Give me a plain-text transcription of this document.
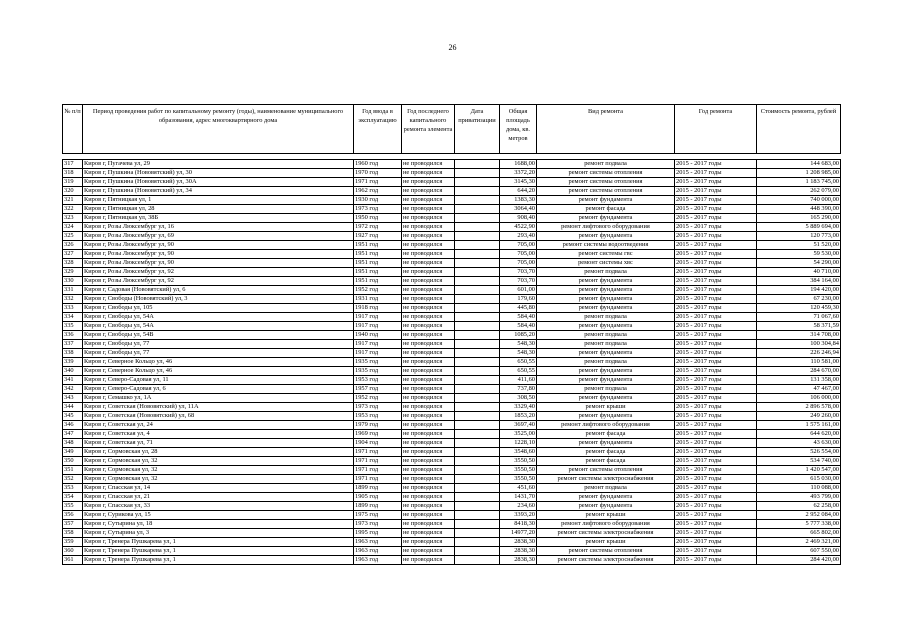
26
№ п/п	Период проведения работ по капитальному ремонту (годы), наименование муниципального образования, адрес многоквартирного дома	Год ввода в эксплуатацию	Год последнего капитального ремонта элемента	Дата приватизации	Общая площадь дома, кв. метров	Вид ремонта	Год ремонта	Стоимость ремонта, рублей

317	Киров г, Пугачева ул, 29	1960 год	не проводился		1688,00	ремонт подвала	2015 - 2017 годы	144 683,00
318	Киров г, Пушкина (Нововятский) ул, 30	1970 год	не проводился		3372,20	ремонт системы отопления	2015 - 2017 годы	1 208 985,00
319	Киров г, Пушкина (Нововятский) ул, 30А	1971 год	не проводился		3145,30	ремонт системы отопления	2015 - 2017 годы	1 183 745,00
320	Киров г, Пушкина (Нововятский) ул, 34	1962 год	не проводился		644,20	ремонт системы отопления	2015 - 2017 годы	262 079,00
321	Киров г, Пятницкая ул, 1	1930 год	не проводился		1383,30	ремонт фундамента	2015 - 2017 годы	740 000,00
322	Киров г, Пятницкая ул, 28	1973 год	не проводился		3064,40	ремонт фасада	2015 - 2017 годы	448 390,00
323	Киров г, Пятницкая ул, 38Б	1950 год	не проводился		908,40	ремонт фундамента	2015 - 2017 годы	165 290,00
324	Киров г, Розы Люксембург ул, 16	1972 год	не проводился		4522,90	ремонт лифтового оборудования	2015 - 2017 годы	5 889 694,00
325	Киров г, Розы Люксембург ул, 69	1927 год	не проводился		293,40	ремонт фундамента	2015 - 2017 годы	120 773,00
326	Киров г, Розы Люксембург ул, 90	1951 год	не проводился		705,00	ремонт системы водоотведения	2015 - 2017 годы	51 520,00
327	Киров г, Розы Люксембург ул, 90	1951 год	не проводился		705,00	ремонт системы гвс	2015 - 2017 годы	59 530,00
328	Киров г, Розы Люксембург ул, 90	1951 год	не проводился		705,00	ремонт системы хвс	2015 - 2017 годы	54 290,00
329	Киров г, Розы Люксембург ул, 92	1951 год	не проводился		703,70	ремонт подвала	2015 - 2017 годы	40 710,00
330	Киров г, Розы Люксембург ул, 92	1951 год	не проводился		703,70	ремонт фундамента	2015 - 2017 годы	384 164,00
331	Киров г, Садовая (Нововятский) ул, 6	1952 год	не проводился		601,00	ремонт фундамента	2015 - 2017 годы	194 420,00
332	Киров г, Свободы (Нововятский) ул, 3	1931 год	не проводился		179,60	ремонт фундамента	2015 - 2017 годы	67 230,00
333	Киров г, Свободы ул, 105	1918 год	не проводился		445,80	ремонт фундамента	2015 - 2017 годы	120 459,30
334	Киров г, Свободы ул, 54А	1917 год	не проводился		584,40	ремонт подвала	2015 - 2017 годы	71 067,60
335	Киров г, Свободы ул, 54А	1917 год	не проводился		584,40	ремонт фундамента	2015 - 2017 годы	58 371,59
336	Киров г, Свободы ул, 54В	1940 год	не проводился		1085,20	ремонт подвала	2015 - 2017 годы	314 708,00
337	Киров г, Свободы ул, 77	1917 год	не проводился		548,30	ремонт подвала	2015 - 2017 годы	100 304,84
338	Киров г, Свободы ул, 77	1917 год	не проводился		548,30	ремонт фундамента	2015 - 2017 годы	226 246,94
339	Киров г, Северное Кольцо ул, 46	1935 год	не проводился		650,55	ремонт подвала	2015 - 2017 годы	110 581,00
340	Киров г, Северное Кольцо ул, 46	1935 год	не проводился		650,55	ремонт фундамента	2015 - 2017 годы	284 670,00
341	Киров г, Северо-Садовая ул, 11	1953 год	не проводился		411,60	ремонт фундамента	2015 - 2017 годы	131 358,00
342	Киров г, Северо-Садовая ул, 6	1957 год	не проводился		737,80	ремонт подвала	2015 - 2017 годы	47 467,00
343	Киров г, Семашко ул, 1А	1952 год	не проводился		308,50	ремонт фундамента	2015 - 2017 годы	106 000,00
344	Киров г, Советская (Нововятский) ул, 11А	1973 год	не проводился		3329,40	ремонт крыши	2015 - 2017 годы	2 896 578,00
345	Киров г, Советская (Нововятский) ул, 68	1953 год	не проводился		1853,20	ремонт фундамента	2015 - 2017 годы	249 260,00
346	Киров г, Советская ул, 24	1979 год	не проводился		3697,40	ремонт лифтового оборудования	2015 - 2017 годы	1 575 161,00
347	Киров г, Советская ул, 4	1969 год	не проводился		3525,00	ремонт фасада	2015 - 2017 годы	644 620,00
348	Киров г, Советская ул, 71	1904 год	не проводился		1228,10	ремонт фундамента	2015 - 2017 годы	43 630,00
349	Киров г, Сормовская ул, 28	1971 год	не проводился		3548,60	ремонт фасада	2015 - 2017 годы	526 554,00
350	Киров г, Сормовская ул, 32	1971 год	не проводился		3550,50	ремонт фасада	2015 - 2017 годы	534 740,00
351	Киров г, Сормовская ул, 32	1971 год	не проводился		3550,50	ремонт системы отопления	2015 - 2017 годы	1 420 547,00
352	Киров г, Сормовская ул, 32	1971 год	не проводился		3550,50	ремонт системы электроснабжения	2015 - 2017 годы	615 030,00
353	Киров г, Спасская ул, 14	1899 год	не проводился		451,60	ремонт подвала	2015 - 2017 годы	110 088,00
354	Киров г, Спасская ул, 21	1905 год	не проводился		1431,70	ремонт фундамента	2015 - 2017 годы	493 799,00
355	Киров г, Спасская ул, 33	1899 год	не проводился		234,60	ремонт фундамента	2015 - 2017 годы	62 258,00
356	Киров г, Сурикова ул, 15	1975 год	не проводился		3393,20	ремонт крыши	2015 - 2017 годы	2 952 084,00
357	Киров г, Сутырина ул, 18	1973 год	не проводился		8418,30	ремонт лифтового оборудования	2015 - 2017 годы	5 777 338,00
358	Киров г, Сутырина ул, 3	1995 год	не проводился		14977,20	ремонт системы электроснабжения	2015 - 2017 годы	665 802,00
359	Киров г, Тренера Пушкарева ул, 1	1963 год	не проводился		2838,30	ремонт крыши	2015 - 2017 годы	2 469 321,00
360	Киров г, Тренера Пушкарева ул, 1	1963 год	не проводился		2838,30	ремонт системы отопления	2015 - 2017 годы	607 550,00
361	Киров г, Тренера Пушкарева ул, 1	1963 год	не проводился		2838,30	ремонт системы электроснабжения	2015 - 2017 годы	284 420,00
